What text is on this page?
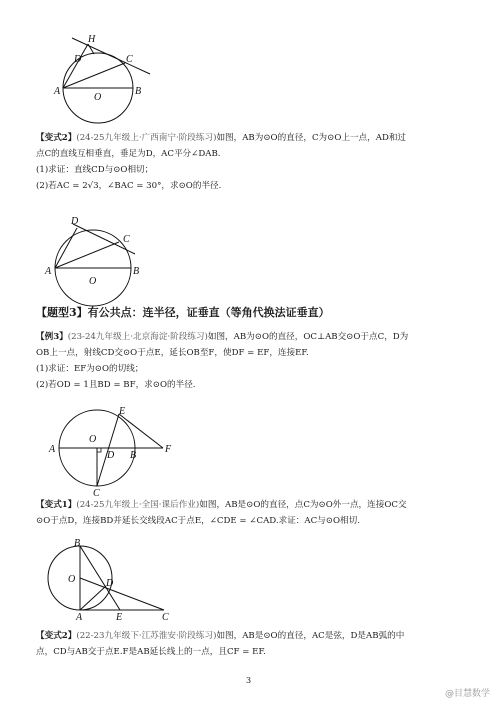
H
D	C
A
O
B
【变式2】(24-25九年级上·广西南宁·阶段练习)如图，AB为⊙O的直径，C为⊙O上一点，AD和过
点C的直线互相垂直，垂足为D，AC平分∠DAB.
(1)求证：直线CD与⊙O相切；
(2)若AC = 2√3，∠BAC = 30°，求⊙O的半径.
D
C
A
O
B
【题型3】有公共点：连半径，证垂直（等角代换法证垂直）
【例3】(23-24九年级上·北京海淀·阶段练习)如图，AB为⊙O的直径，OC⊥AB交⊙O于点C，D为
OB上一点，射线CD交⊙O于点E，延长OB至F，使DF = EF，连接EF.
(1)求证：EF为⊙O的切线；
(2)若OD = 1且BD = BF，求⊙O的半径.
E
O
A
D B
F
C
【变式1】(24-25九年级上·全国·课后作业)如图，AB是⊙O的直径，点C为⊙O外一点，连接OC交
⊙O于点D，连接BD并延长交线段AC于点E，∠CDE = ∠CAD.求证：AC与⊙O相切.
B
O	D
A	E	C
【变式2】(22-23九年级下·江苏淮安·阶段练习)如图，AB是⊙O的直径，AC是弦，D是AB弧的中
点，CD与AB交于点E.F是AB延长线上的一点，且CF = EF.
3
@目慧数学
